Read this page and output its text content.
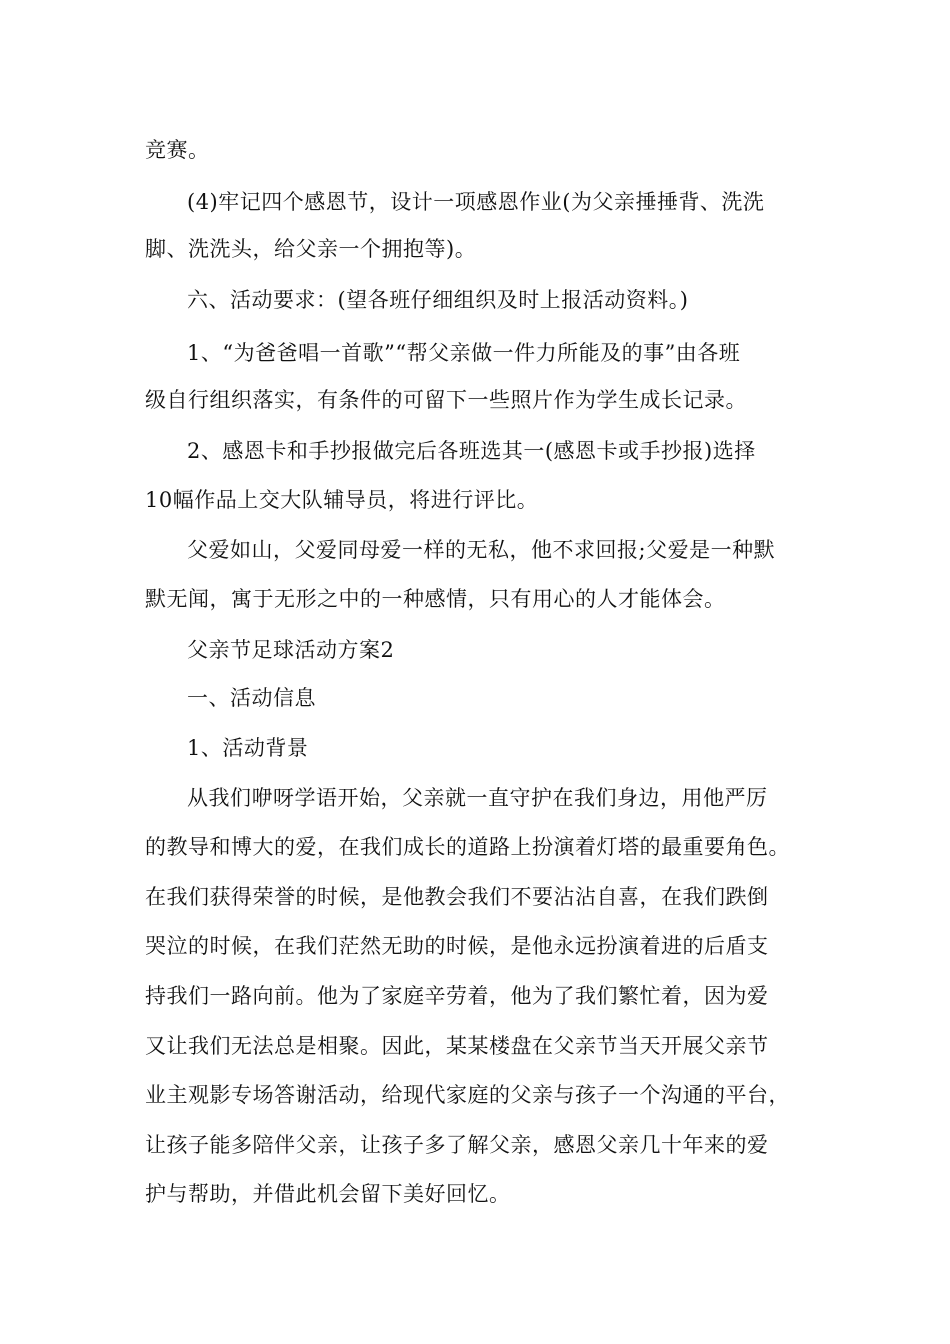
竞赛。
(4)牢记四个感恩节，设计一项感恩作业(为父亲捶捶背、洗洗
脚、洗洗头，给父亲一个拥抱等)。
六、活动要求：(望各班仔细组织及时上报活动资料。)
1、“为爸爸唱一首歌”“帮父亲做一件力所能及的事”由各班
级自行组织落实，有条件的可留下一些照片作为学生成长记录。
2、感恩卡和手抄报做完后各班选其一(感恩卡或手抄报)选择
10幅作品上交大队辅导员，将进行评比。
父爱如山，父爱同母爱一样的无私，他不求回报;父爱是一种默
默无闻，寓于无形之中的一种感情，只有用心的人才能体会。
父亲节足球活动方案2
一、活动信息
1、活动背景
从我们咿呀学语开始，父亲就一直守护在我们身边，用他严厉
的教导和博大的爱，在我们成长的道路上扮演着灯塔的最重要角色。
在我们获得荣誉的时候，是他教会我们不要沾沾自喜，在我们跌倒
哭泣的时候，在我们茫然无助的时候，是他永远扮演着进的后盾支
持我们一路向前。他为了家庭辛劳着，他为了我们繁忙着，因为爱
又让我们无法总是相聚。因此，某某楼盘在父亲节当天开展父亲节
业主观影专场答谢活动，给现代家庭的父亲与孩子一个沟通的平台，
让孩子能多陪伴父亲，让孩子多了解父亲，感恩父亲几十年来的爱
护与帮助，并借此机会留下美好回忆。
